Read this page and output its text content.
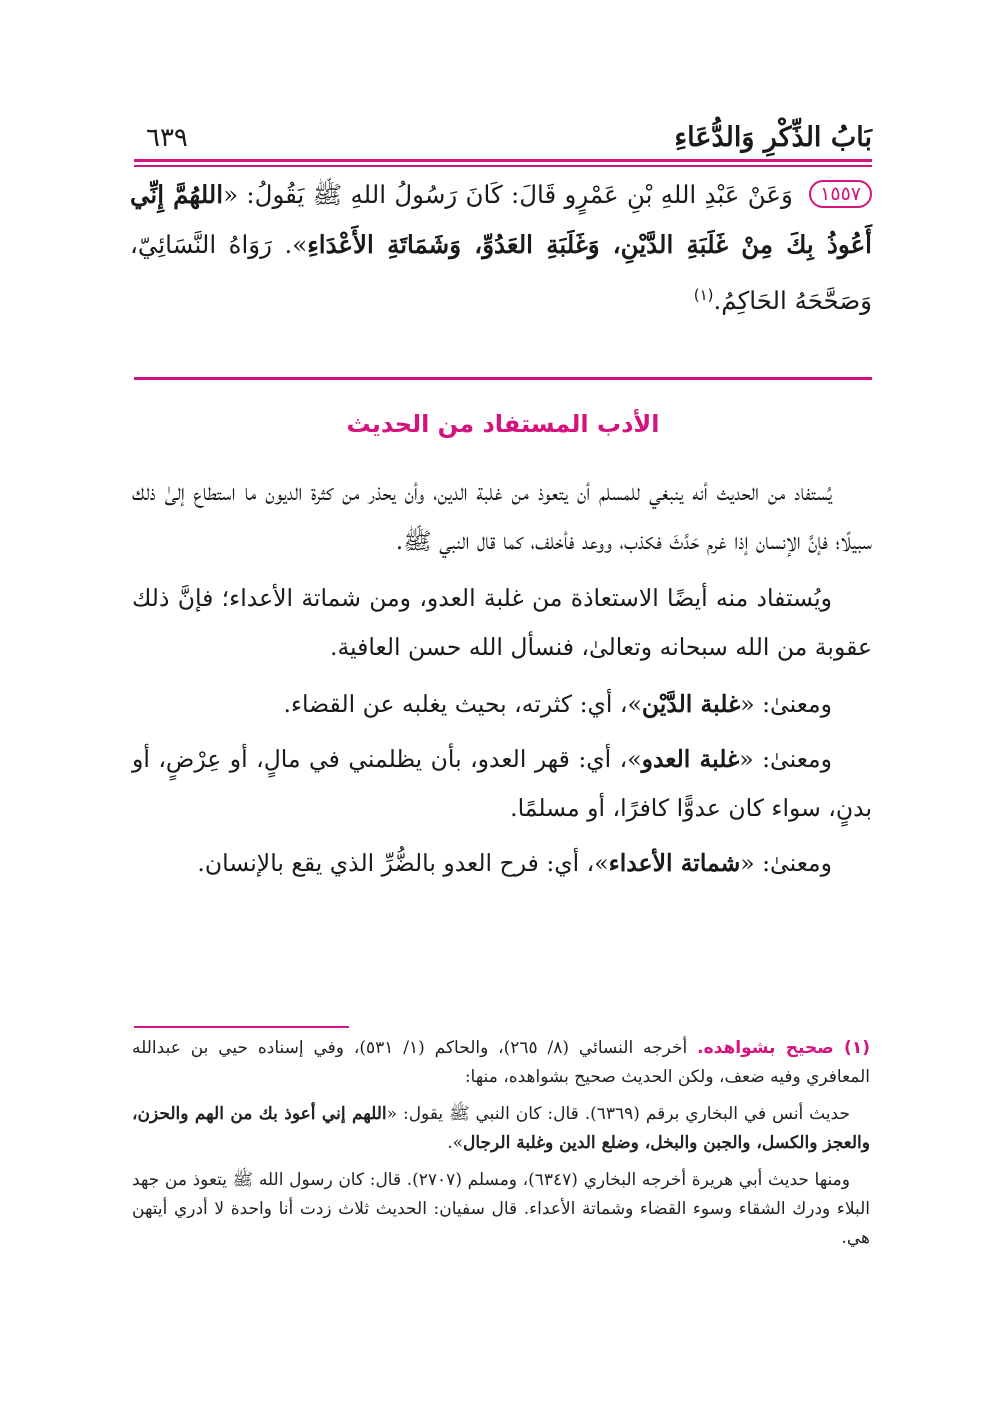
بَابُ الذِّكْرِ وَالدُّعَاءِ
٦٣٩
١٥٥٧ وَعَنْ عَبْدِ اللهِ بْنِ عَمْرٍو قَالَ: كَانَ رَسُولُ اللهِ ﷺ يَقُولُ: «اللهُمَّ إِنِّي أَعُوذُ بِكَ مِنْ غَلَبَةِ الدَّيْنِ، وَغَلَبَةِ العَدُوِّ، وَشَمَاتَةِ الأَعْدَاءِ». رَوَاهُ النَّسَائِيّ، وَصَحَّحَهُ الحَاكِمُ.$^{(١)}$
الأدب المستفاد من الحديث

يُستفاد من الحديث أنه ينبغي للمسلم أن يتعوذ من غلبة الدين، وأن يحذر من كثرة الديون ما استطاع إلىٰ ذلك سبيلًا؛ فإنَّ الإنسان إذا غرم حَدَّثَ فكذب، ووعد فأخلف، كما قال النبي ﷺ.

ويُستفاد منه أيضًا الاستعاذة من غلبة العدو، ومن شماتة الأعداء؛ فإنَّ ذلك عقوبة من الله سبحانه وتعالىٰ، فنسأل الله حسن العافية.

ومعنىٰ: «غلبة الدَّيْن»، أي: كثرته، بحيث يغلبه عن القضاء.

ومعنىٰ: «غلبة العدو»، أي: قهر العدو، بأن يظلمني في مالٍ، أو عِرْضٍ، أو بدنٍ، سواء كان عدوًّا كافرًا، أو مسلمًا.

ومعنىٰ: «شماتة الأعداء»، أي: فرح العدو بالضُّرِّ الذي يقع بالإنسان.

(١) صحيح بشواهده. أخرجه النسائي (٨/ ٢٦٥)، والحاكم (١/ ٥٣١)، وفي إسناده حيي بن عبدالله المعافري وفيه ضعف، ولكن الحديث صحيح بشواهده، منها:

حديث أنس في البخاري برقم (٦٣٦٩). قال: كان النبي ﷺ يقول: «اللهم إني أعوذ بك من الهم والحزن، والعجز والكسل، والجبن والبخل، وضلع الدين وغلبة الرجال».

ومنها حديث أبي هريرة أخرجه البخاري (٦٣٤٧)، ومسلم (٢٧٠٧). قال: كان رسول الله ﷺ يتعوذ من جهد البلاء ودرك الشقاء وسوء القضاء وشماتة الأعداء. قال سفيان: الحديث ثلاث زدت أنا واحدة لا أدري أيتهن هي.
